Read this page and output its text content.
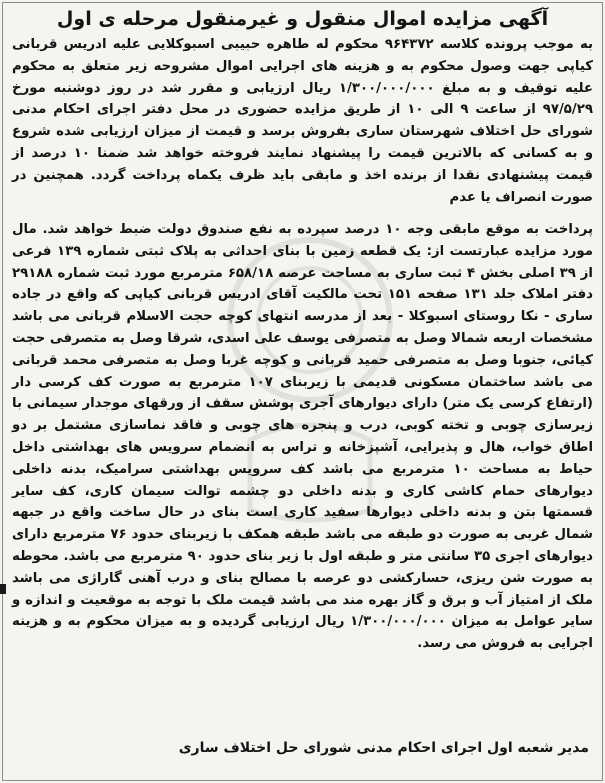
آگهی مزایده اموال منقول و غیرمنقول مرحله ی اول

به موجب پرونده کلاسه ۹۶۴۳۷۲ محکوم له طاهره حبیبی اسبوکلایی علیه ادریس قربانی کیاپی جهت وصول محکوم به و هزینه های اجرایی اموال مشروحه زیر متعلق به محکوم علیه توقیف و به مبلغ ۱/۳۰۰/۰۰۰/۰۰۰ ریال ارزیابی و مقرر شد در روز دوشنبه مورخ ۹۷/۵/۲۹ از ساعت ۹ الی ۱۰ از طریق مزایده حضوری در محل دفتر اجرای احکام مدنی شورای حل اختلاف شهرستان ساری بفروش برسد و قیمت از میزان ارزیابی شده شروع و به کسانی که بالاترین قیمت را پیشنهاد نمایند فروخته خواهد شد ضمنا ۱۰ درصد از قیمت پیشنهادی نقدا از برنده اخذ و مابقی باید ظرف یکماه پرداخت گردد. همچنین در صورت انصراف یا عدم

پرداخت به موقع مابقی وجه ۱۰ درصد سپرده به نفع صندوق دولت ضبط خواهد شد. مال مورد مزایده عبارتست از: یک قطعه زمین با بنای احداثی به پلاک ثبتی شماره ۱۳۹ فرعی از ۳۹ اصلی بخش ۴ ثبت ساری به مساحت عرصه ۶۵۸/۱۸ مترمربع مورد ثبت شماره ۲۹۱۸۸ دفتر املاک جلد ۱۳۱ صفحه ۱۵۱ تحت مالکیت آقای ادریس قربانی کیاپی که واقع در جاده ساری - نکا روستای اسبوکلا - بعد از مدرسه انتهای کوچه حجت الاسلام قربانی می باشد مشخصات اربعه شمالا وصل به متصرفی یوسف علی اسدی، شرقا وصل به متصرفی حجت کیائی، جنوبا وصل به متصرفی حمید قربانی و کوچه غربا وصل به متصرفی محمد قربانی می باشد ساختمان مسکونی قدیمی با زیربنای ۱۰۷ مترمربع به صورت کف کرسی دار (ارتفاع کرسی یک متر) دارای دیوارهای آجری پوشش سقف از ورقهای موجدار سیمانی با زیرسازی چوبی و تخته کوبی، درب و پنجره های چوبی و فاقد نماسازی مشتمل بر دو اطاق خواب، هال و پذیرایی، آشپزخانه و تراس به انضمام سرویس های بهداشتی داخل حیاط به مساحت ۱۰ مترمربع می باشد کف سرویس بهداشتی سرامیک، بدنه داخلی دیوارهای حمام کاشی کاری و بدنه داخلی دو چشمه توالت سیمان کاری، کف سایر قسمتها بتن و بدنه داخلی دیوارها سفید کاری است بنای در حال ساخت واقع در جبهه شمال غربی به صورت دو طبقه می باشد طبقه همکف با زیربنای حدود ۷۶ مترمربع دارای دیوارهای اجری ۳۵ سانتی متر و طبقه اول با زیر بنای حدود ۹۰ مترمربع می باشد. محوطه به صورت شن ریزی، حسارکشی دو عرصه با مصالح بنای و درب آهنی گاراژی می باشد ملک از امتیاز آب و برق و گاز بهره مند می باشد قیمت ملک با توجه به موقعیت و اندازه و سایر عوامل به میزان ۱/۳۰۰/۰۰۰/۰۰۰ ریال ارزیابی گردیده و به میزان محکوم به و هزینه اجرایی به فروش می رسد.

مدیر شعبه اول اجرای احکام مدنی شورای حل اختلاف ساری
